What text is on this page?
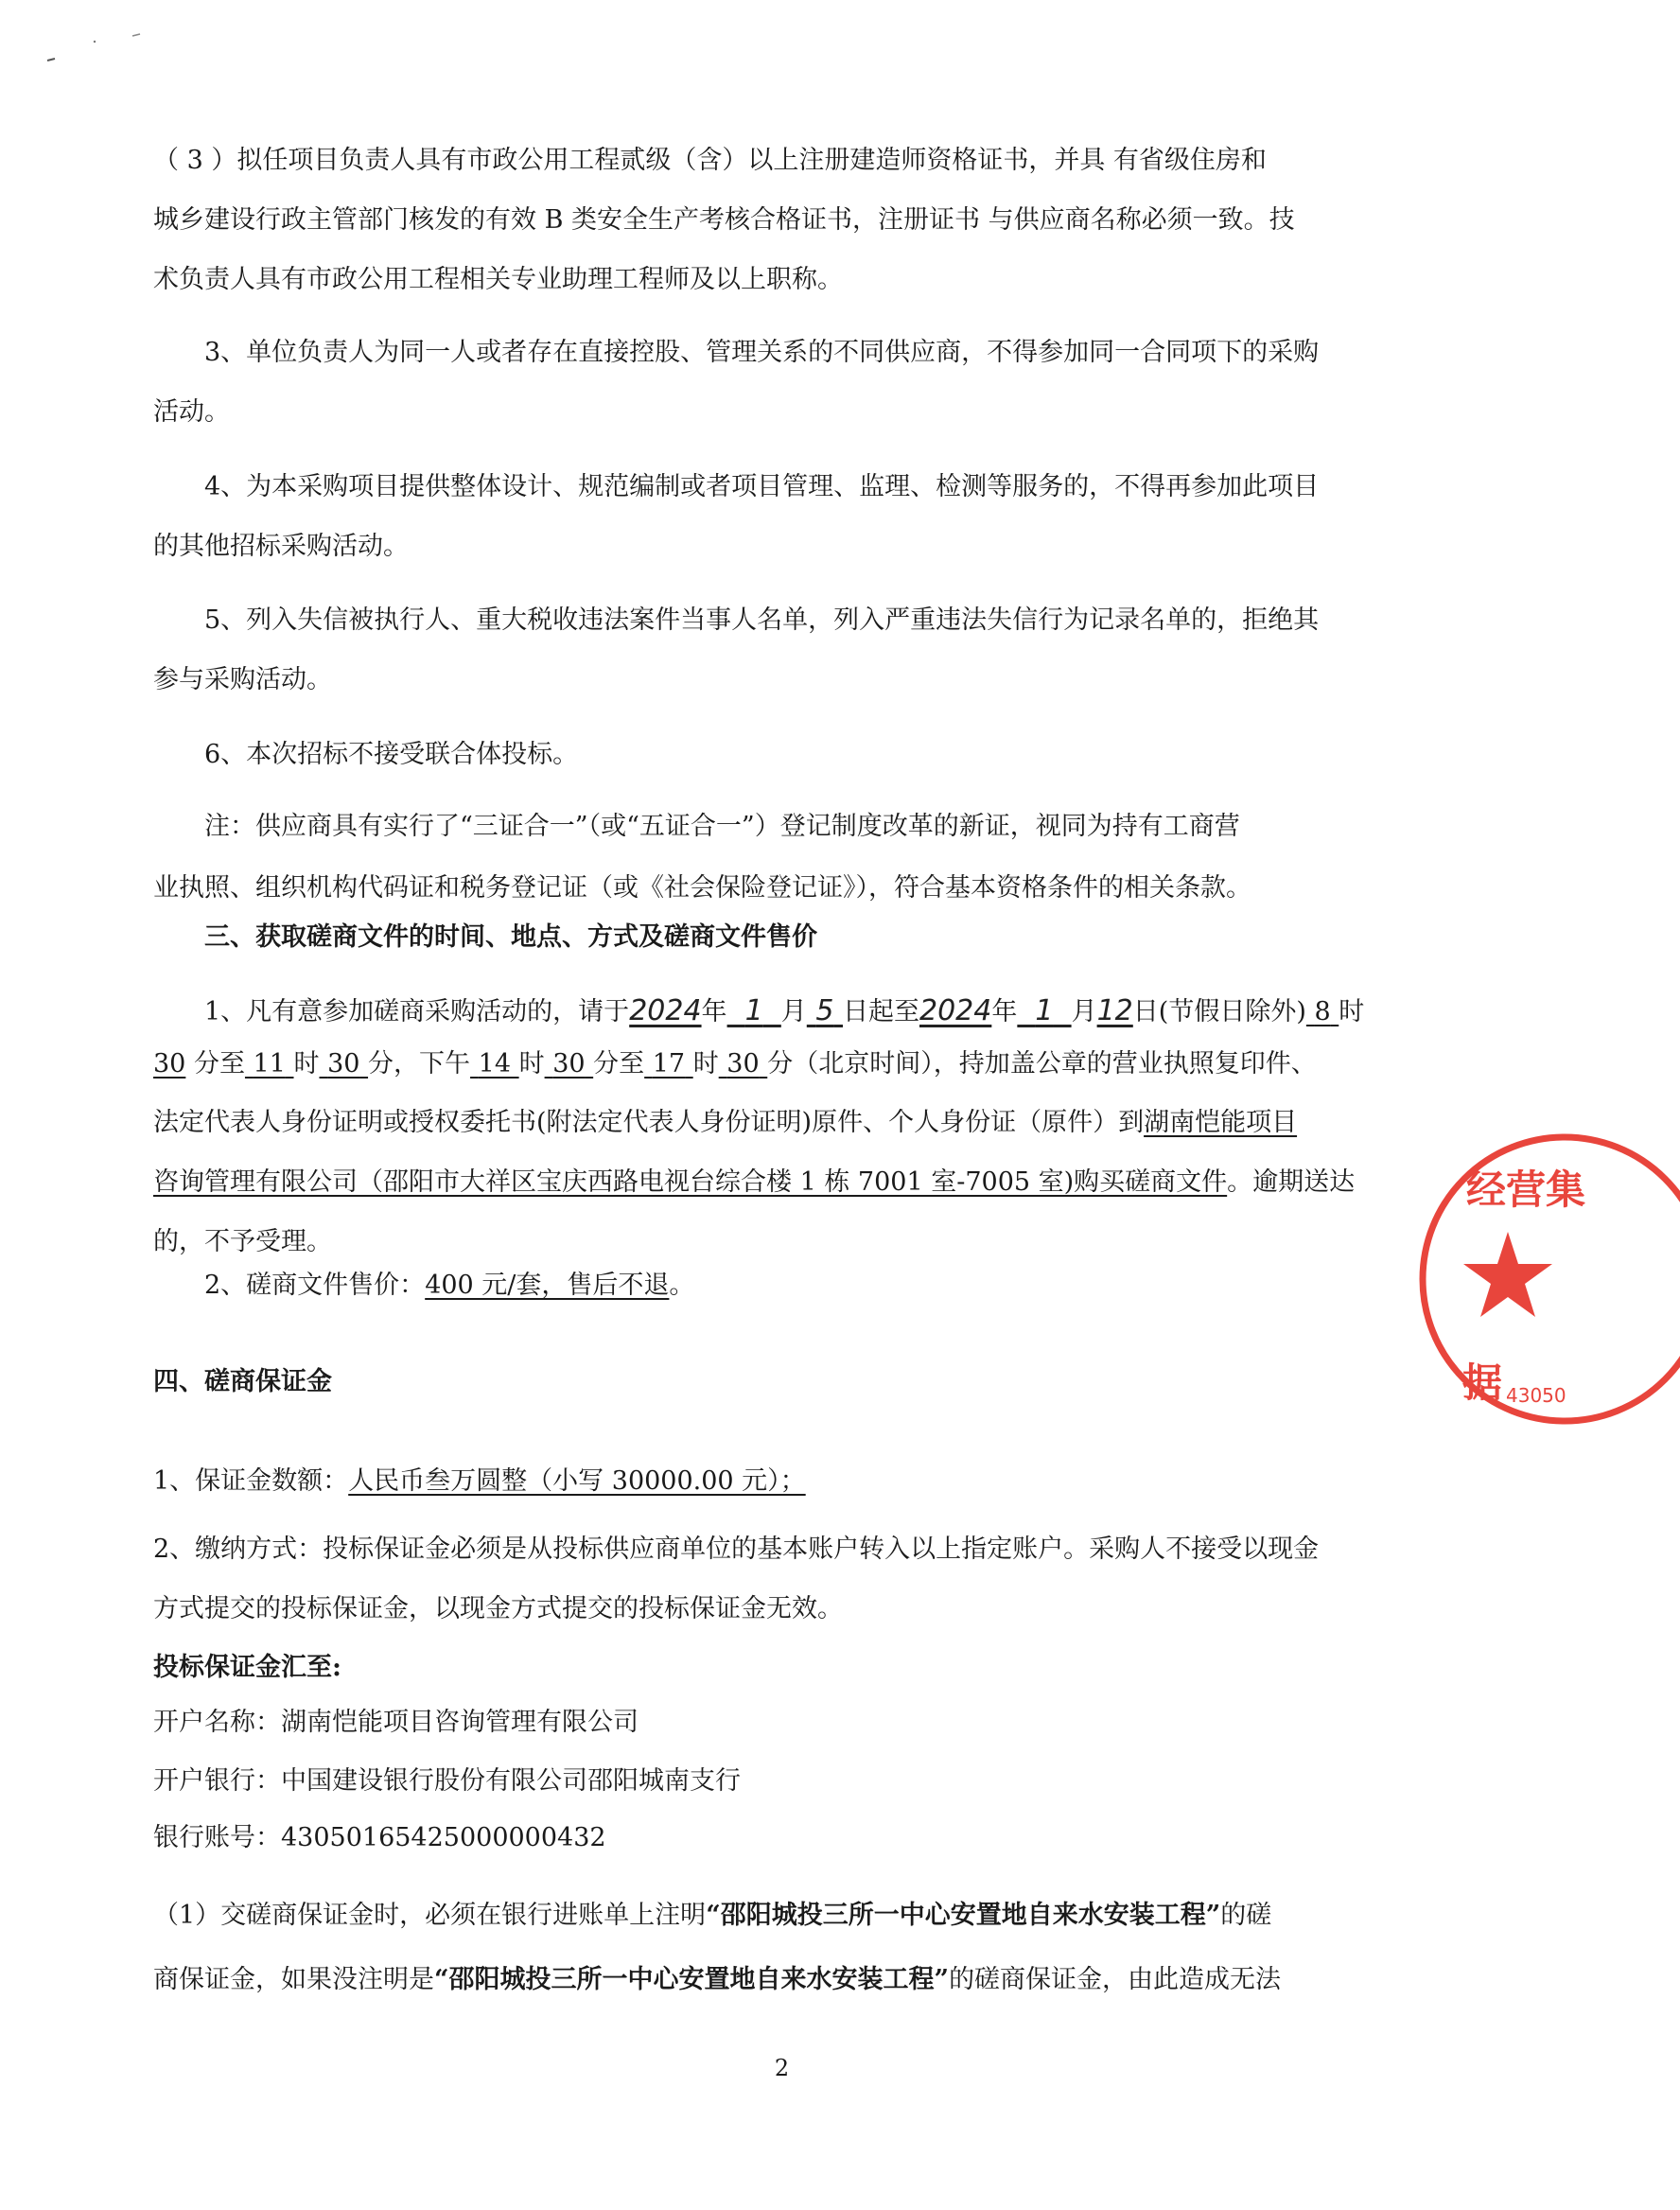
（ 3 ）拟任项目负责人具有市政公用工程贰级（含）以上注册建造师资格证书，并具 有省级住房和
城乡建设行政主管部门核发的有效 B 类安全生产考核合格证书，注册证书 与供应商名称必须一致。技
术负责人具有市政公用工程相关专业助理工程师及以上职称。
3、单位负责人为同一人或者存在直接控股、管理关系的不同供应商，不得参加同一合同项下的采购
活动。
4、为本采购项目提供整体设计、规范编制或者项目管理、监理、检测等服务的，不得再参加此项目
的其他招标采购活动。
5、列入失信被执行人、重大税收违法案件当事人名单，列入严重违法失信行为记录名单的，拒绝其
参与采购活动。
6、本次招标不接受联合体投标。
注：供应商具有实行了“三证合一”（或“五证合一”）登记制度改革的新证，视同为持有工商营
业执照、组织机构代码证和税务登记证（或《社会保险登记证》），符合基本资格条件的相关条款。
三、获取磋商文件的时间、地点、方式及磋商文件售价
1、凡有意参加磋商采购活动的，请于2024年 1 月 5 日起至2024年 1 月12日(节假日除外) 8 时
30 分至 11 时 30 分，下午 14 时 30 分至 17 时 30 分（北京时间），持加盖公章的营业执照复印件、
法定代表人身份证明或授权委托书(附法定代表人身份证明)原件、个人身份证（原件）到湖南恺能项目
咨询管理有限公司（邵阳市大祥区宝庆西路电视台综合楼 1 栋 7001 室-7005 室)购买磋商文件。逾期送达
的，不予受理。
2、磋商文件售价：400 元/套，售后不退。
四、磋商保证金
1、保证金数额：人民币叁万圆整（小写 30000.00 元）；
2、缴纳方式：投标保证金必须是从投标供应商单位的基本账户转入以上指定账户。采购人不接受以现金
方式提交的投标保证金，以现金方式提交的投标保证金无效。
投标保证金汇至:
开户名称：湖南恺能项目咨询管理有限公司
开户银行：中国建设银行股份有限公司邵阳城南支行
银行账号：43050165425000000432
（1）交磋商保证金时，必须在银行进账单上注明“邵阳城投三所一中心安置地自来水安装工程”的磋
商保证金，如果没注明是“邵阳城投三所一中心安置地自来水安装工程”的磋商保证金，由此造成无法
经营集
据 43050
2
